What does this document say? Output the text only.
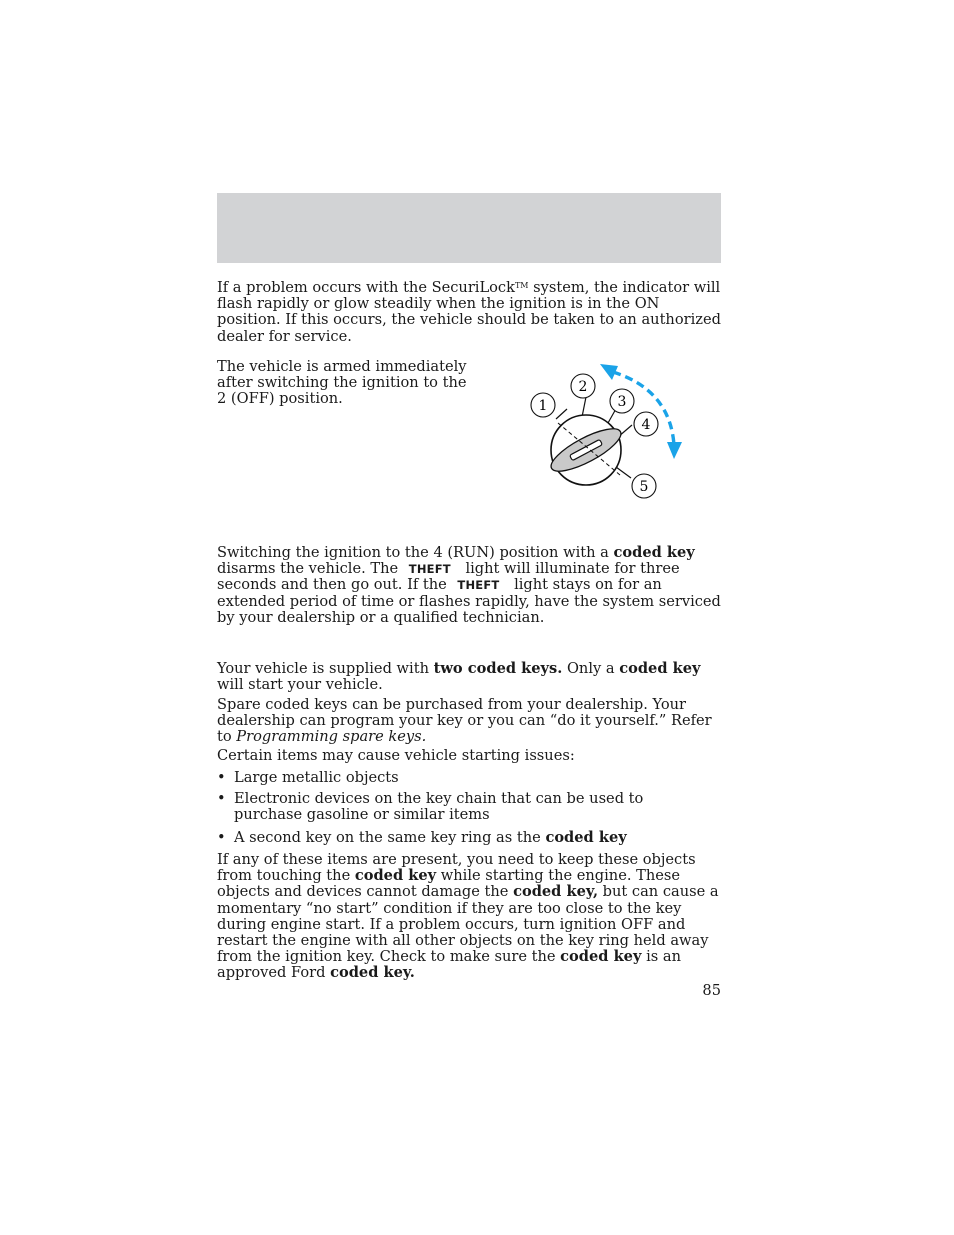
If a problem occurs with the SecuriLock™ system, the indicator will flash rapidly or glow steadily when the ignition is in the ON position. If this occurs, the vehicle should be taken to an authorized dealer for service.

The vehicle is armed immediately after switching the ignition to the 2 (OFF) position.	1
2
3
4
5

Switching the ignition to the 4 (RUN) position with a coded key disarms the vehicle. The THEFT light will illuminate for three seconds and then go out. If the THEFT light stays on for an extended period of time or flashes rapidly, have the system serviced by your dealership or a qualified technician.

Your vehicle is supplied with two coded keys. Only a coded key will start your vehicle.

Spare coded keys can be purchased from your dealership. Your dealership can program your key or you can “do it yourself.” Refer to Programming spare keys.

Certain items may cause vehicle starting issues:

• Large metallic objects
• Electronic devices on the key chain that can be used to purchase gasoline or similar items
• A second key on the same key ring as the coded key

If any of these items are present, you need to keep these objects from touching the coded key while starting the engine. These objects and devices cannot damage the coded key, but can cause a momentary “no start” condition if they are too close to the key during engine start. If a problem occurs, turn ignition OFF and restart the engine with all other objects on the key ring held away from the ignition key. Check to make sure the coded key is an approved Ford coded key.

85
